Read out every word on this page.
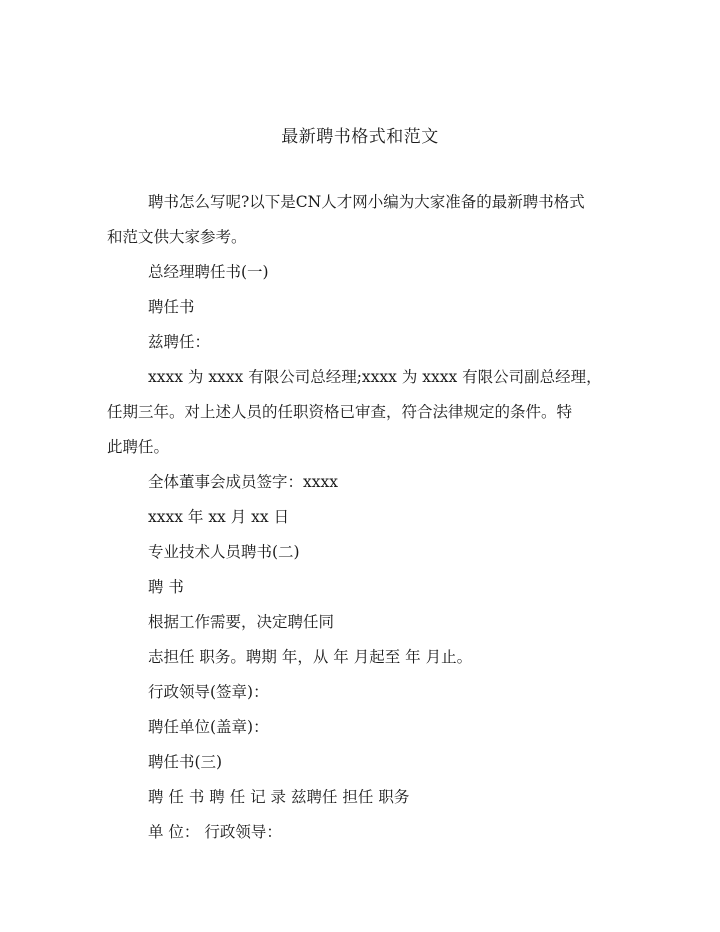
最新聘书格式和范文
聘书怎么写呢?以下是CN人才网小编为大家准备的最新聘书格式
和范文供大家参考。
总经理聘任书(一)
聘任书
兹聘任：
xxxx 为 xxxx 有限公司总经理;xxxx 为 xxxx 有限公司副总经理，
任期三年。对上述人员的任职资格已审查，符合法律规定的条件。特
此聘任。
全体董事会成员签字：xxxx
xxxx 年 xx 月 xx 日
专业技术人员聘书(二)
聘 书
根据工作需要，决定聘任同
志担任 职务。聘期 年，从 年 月起至 年 月止。
行政领导(签章)：
聘任单位(盖章)：
聘任书(三)
聘 任 书 聘 任 记 录 兹聘任 担任 职务
单 位： 行政领导：
